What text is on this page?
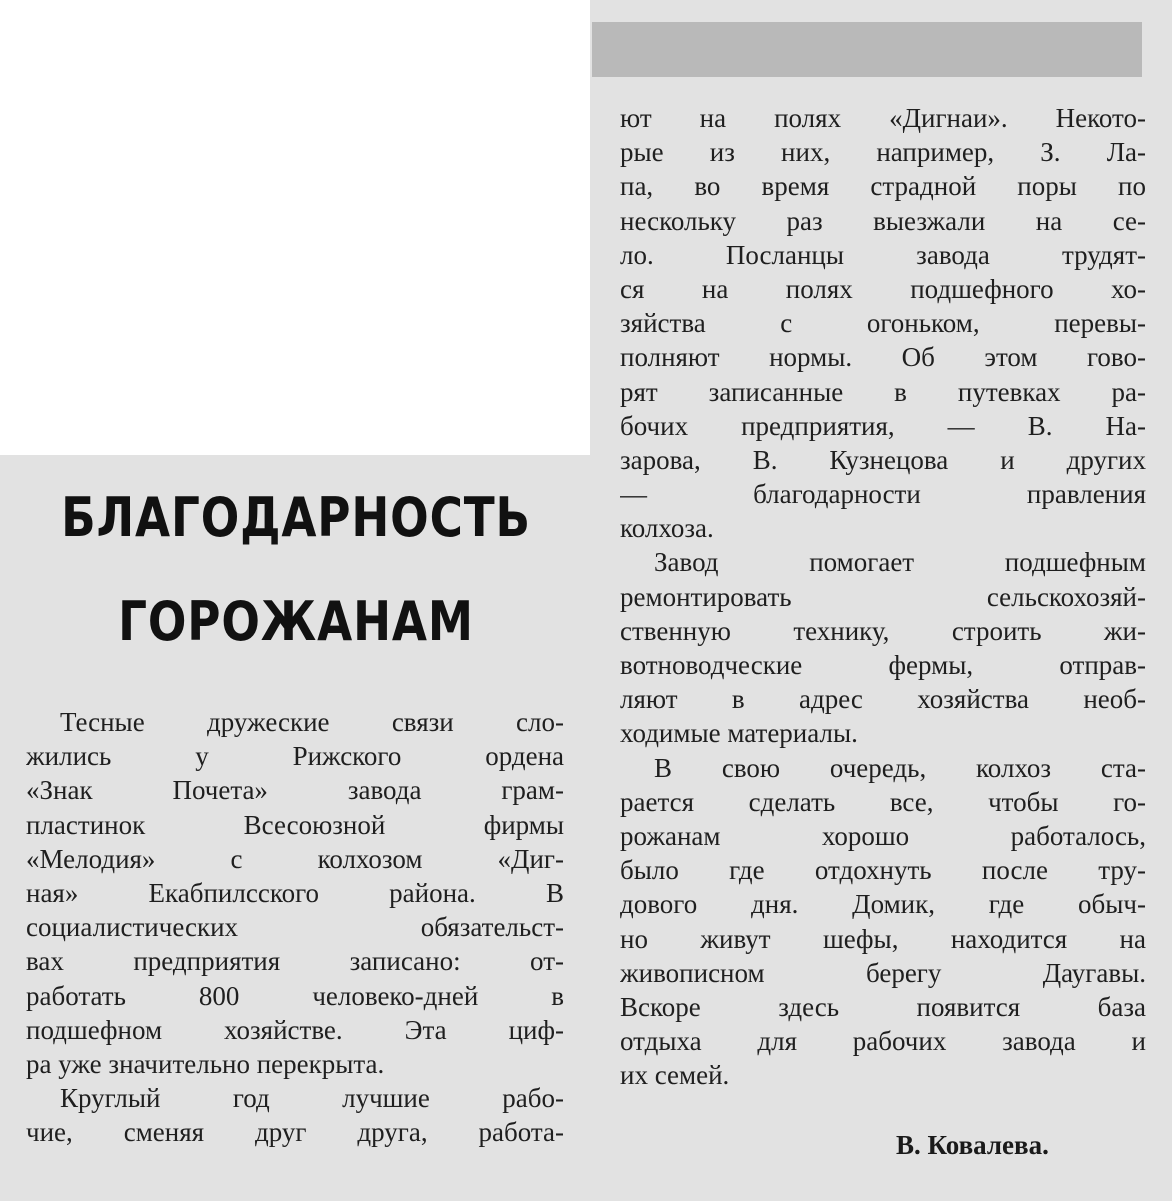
БЛАГОДАРНОСТЬ
ГОРОЖАНАМ
Тесные дружеские связи сло-
жились у Рижского ордена
«Знак Почета» завода грам-
пластинок Всесоюзной фирмы
«Мелодия» с колхозом «Диг-
ная» Екабпилсского района. В
социалистических обязательст-
вах предприятия записано: от-
работать 800 человеко-дней в
подшефном хозяйстве. Эта циф-
ра уже значительно перекрыта.
Круглый год лучшие рабо-
чие, сменяя друг друга, работа-
ют на полях «Дигнаи». Некото-
рые из них, например, З. Ла-
па, во время страдной поры по
нескольку раз выезжали на се-
ло. Посланцы завода трудят-
ся на полях подшефного хо-
зяйства с огоньком, перевы-
полняют нормы. Об этом гово-
рят записанные в путевках ра-
бочих предприятия, — В. На-
зарова, В. Кузнецова и других
— благодарности правления
колхоза.
Завод помогает подшефным
ремонтировать сельскохозяй-
ственную технику, строить жи-
вотноводческие фермы, отправ-
ляют в адрес хозяйства необ-
ходимые материалы.
В свою очередь, колхоз ста-
рается сделать все, чтобы го-
рожанам хорошо работалось,
было где отдохнуть после тру-
дового дня. Домик, где обыч-
но живут шефы, находится на
живописном берегу Даугавы.
Вскоре здесь появится база
отдыха для рабочих завода и
их семей.
В. Ковалева.
